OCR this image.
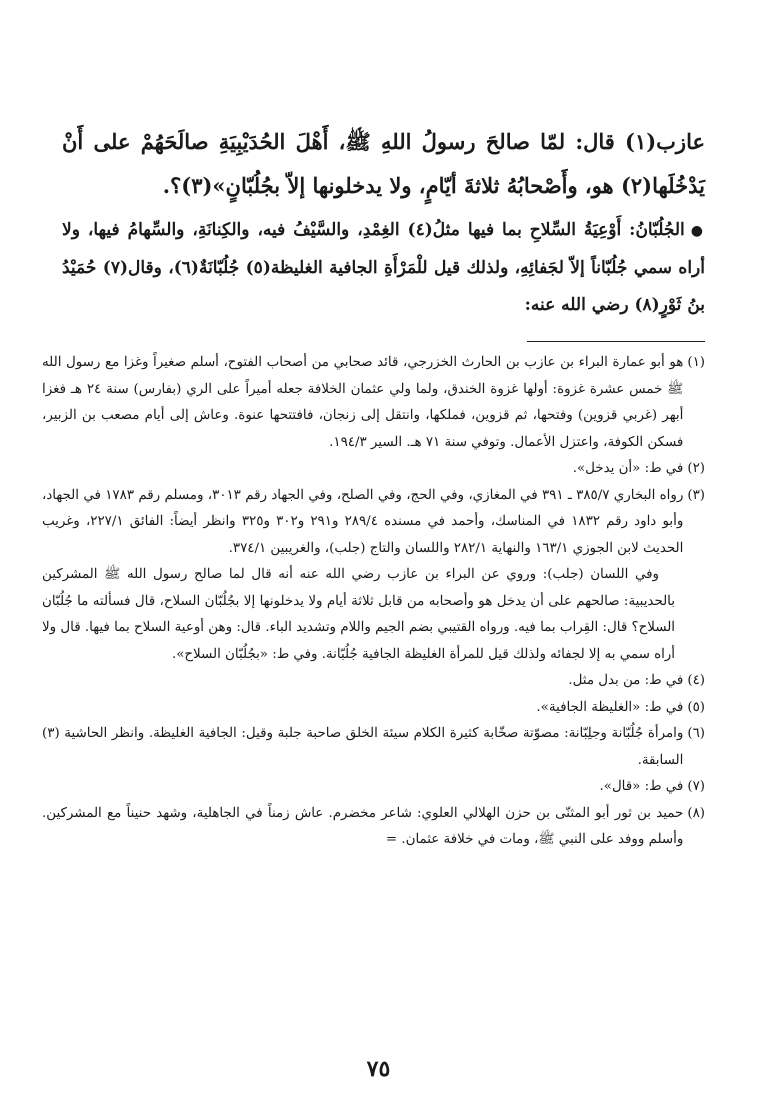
عازب(١) قال: لمّا صالحَ رسولُ اللهِ ﷺ، أَهْلَ الحُدَيْبِيَةِ صالَحَهُمْ على أَنْ يَدْخُلَها(٢) هو، وأَصْحابُهُ ثلاثةَ أيّامٍ، ولا يدخلونها إلاّ بجُلُبّانٍ»(٣)؟.

●الجُلُبّانُ: أَوْعِيَةُ السِّلاحِ بما فيها مثلُ(٤) الغِمْدِ، والسَّيْفُ فيه، والكِنانَةِ، والسِّهامُ فيها، ولا أراه سمي جُلُبّاناً إلاّ لجَفائِهِ، ولذلك قيل للْمَرْأَةِ الجافية الغليظة(٥) جُلُبّانَةٌ(٦)، وقال(٧) حُمَيْدُ بنُ ثَوْرٍ(٨) رضي الله عنه:

(١)
هو أبو عمارة البراء بن عازب بن الحارث الخزرجي، قائد صحابي من أصحاب الفتوح، أسلم صغيراً وغزا مع رسول الله ﷺ خمس عشرة غزوة: أولها غزوة الخندق، ولما ولي عثمان الخلافة جعله أميراً على الري (بفارس) سنة ٢٤ هـ فغزا أبهر (غربي قزوين) وفتحها، ثم قزوين، فملكها، وانتقل إلى زنجان، فافتتحها عنوة. وعاش إلى أيام مصعب بن الزبير، فسكن الكوفة، واعتزل الأعمال. وتوفي سنة ٧١ هـ. السير ١٩٤/٣.
(٢)
في ط: «أن يدخل».
(٣)
رواه البخاري ٣٨٥/٧ ـ ٣٩١ في المغازي، وفي الحج، وفي الصلح، وفي الجهاد رقم ٣٠١٣، ومسلم رقم ١٧٨٣ في الجهاد، وأبو داود رقم ١٨٣٢ في المناسك، وأحمد في مسنده ٢٨٩/٤ و٢٩١ و٣٠٢ و٣٢٥ وانظر أيضاً: الفائق ٢٢٧/١، وغريب الحديث لابن الجوزي ١٦٣/١ والنهاية ٢٨٢/١ واللسان والتاج (جلب)، والغريبين ٣٧٤/١.
وفي اللسان (جلب): وروي عن البراء بن عازب رضي الله عنه أنه قال لما صالح رسول الله ﷺ المشركين بالحديبية: صالحهم على أن يدخل هو وأصحابه من قابل ثلاثة أيام ولا يدخلونها إلا بجُلُبّان السلاح، قال فسألته ما جُلُبّان السلاح؟ قال: القِراب بما فيه. ورواه القتيبي بضم الجيم واللام وتشديد الباء. قال: وهن أوعية السلاح بما فيها. قال ولا أراه سمي به إلا لجفائه ولذلك قيل للمرأة الغليظة الجافية جُلُبّانة. وفي ط: «بجُلُبّان السلاح».
(٤)
في ط: من بدل مثل.
(٥)
في ط: «الغليظة الجافية».
(٦)
وامرأة جُلُبّانة وجلِبّانة: مصوّتة صخّابة كثيرة الكلام سيئة الخلق صاحبة جلبة وقيل: الجافية الغليظة. وانظر الحاشية (٣) السابقة.
(٧)
في ط: «قال».
(٨)
حميد بن ثور أبو المثنّى بن حزن الهلالي العلوي: شاعر مخضرم. عاش زمناً في الجاهلية، وشهد حنيناً مع المشركين. وأسلم ووفد على النبي ﷺ، ومات في خلافة عثمان. =
٧٥
